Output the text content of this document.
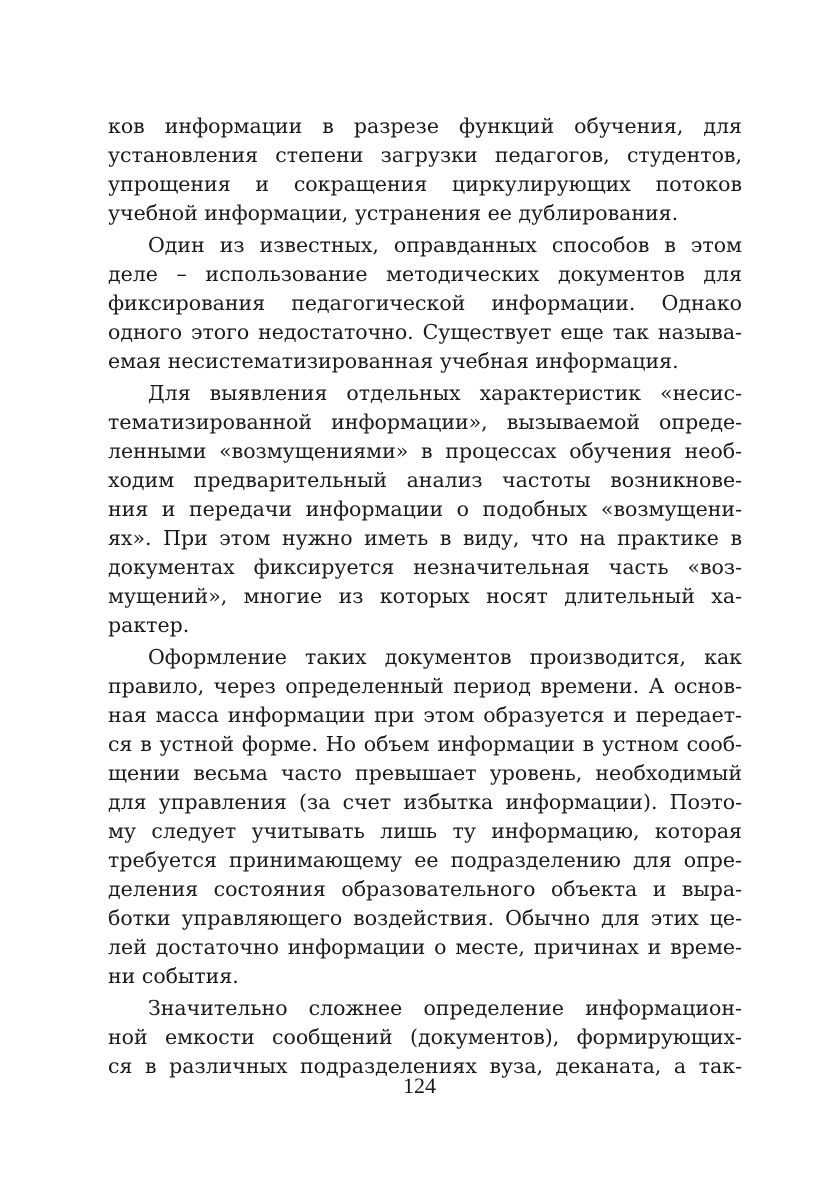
ков информации в разрезе функций обучения, для
установления степени загрузки педагогов, студентов,
упрощения и сокращения циркулирующих потоков
учебной информации, устранения ее дублирования.
Один из известных, оправданных способов в этом
деле – использование методических документов для
фиксирования педагогической информации. Однако
одного этого недостаточно. Существует еще так называ-
емая несистематизированная учебная информация.
Для выявления отдельных характеристик «несис-
тематизированной информации», вызываемой опреде-
ленными «возмущениями» в процессах обучения необ-
ходим предварительный анализ частоты возникнове-
ния и передачи информации о подобных «возмущени-
ях». При этом нужно иметь в виду, что на практике в
документах фиксируется незначительная часть «воз-
мущений», многие из которых носят длительный ха-
рактер.
Оформление таких документов производится, как
правило, через определенный период времени. А основ-
ная масса информации при этом образуется и передает-
ся в устной форме. Но объем информации в устном сооб-
щении весьма часто превышает уровень, необходимый
для управления (за счет избытка информации). Поэто-
му следует учитывать лишь ту информацию, которая
требуется принимающему ее подразделению для опре-
деления состояния образовательного объекта и выра-
ботки управляющего воздействия. Обычно для этих це-
лей достаточно информации о месте, причинах и време-
ни события.
Значительно сложнее определение информацион-
ной емкости сообщений (документов), формирующих-
ся в различных подразделениях вуза, деканата, а так-
124
